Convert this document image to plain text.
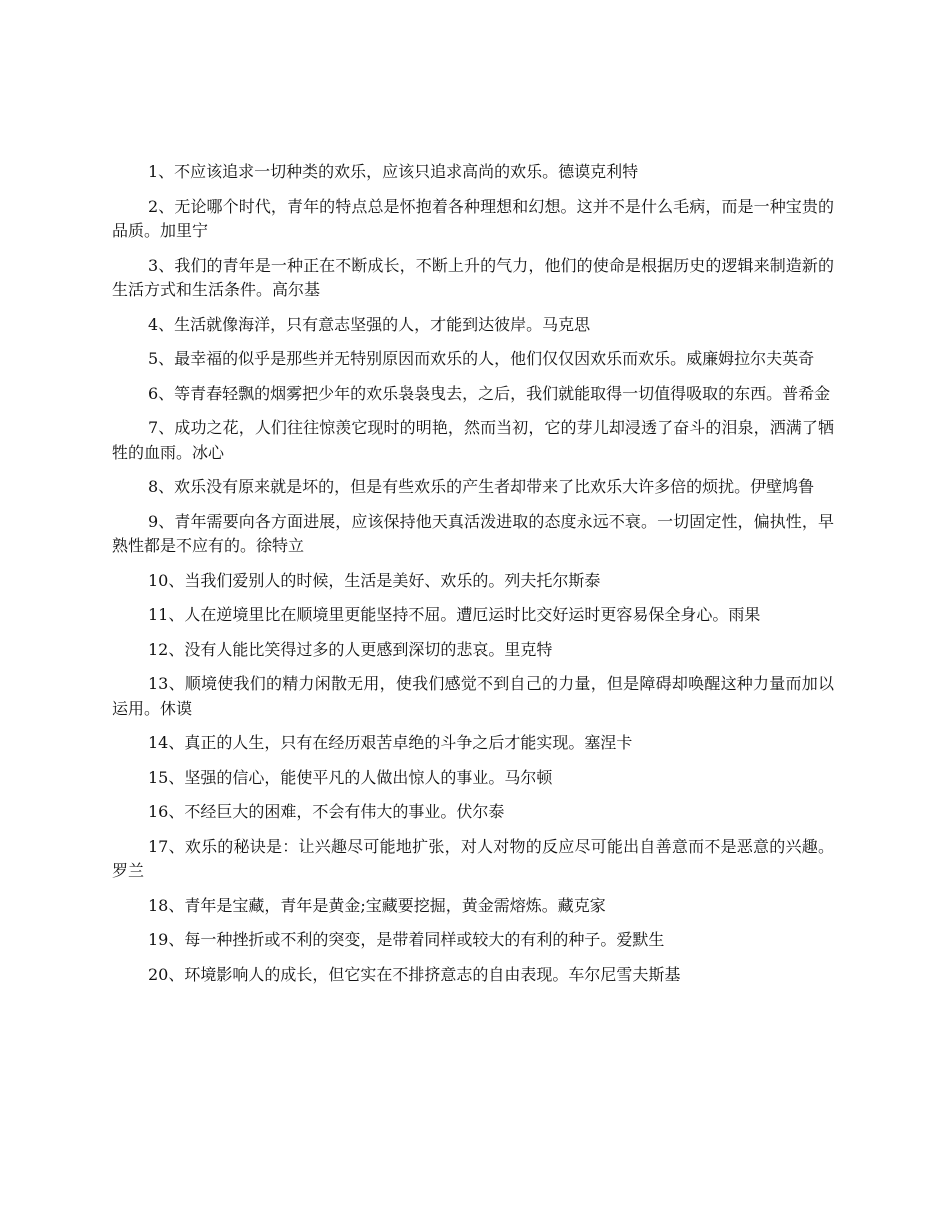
1、不应该追求一切种类的欢乐，应该只追求高尚的欢乐。德谟克利特

2、无论哪个时代，青年的特点总是怀抱着各种理想和幻想。这并不是什么毛病，而是一种宝贵的品质。加里宁

3、我们的青年是一种正在不断成长，不断上升的气力，他们的使命是根据历史的逻辑来制造新的生活方式和生活条件。高尔基

4、生活就像海洋，只有意志坚强的人，才能到达彼岸。马克思

5、最幸福的似乎是那些并无特别原因而欢乐的人，他们仅仅因欢乐而欢乐。威廉姆拉尔夫英奇

6、等青春轻飘的烟雾把少年的欢乐袅袅曳去，之后，我们就能取得一切值得吸取的东西。普希金

7、成功之花，人们往往惊羡它现时的明艳，然而当初，它的芽儿却浸透了奋斗的泪泉，洒满了牺牲的血雨。冰心

8、欢乐没有原来就是坏的，但是有些欢乐的产生者却带来了比欢乐大许多倍的烦扰。伊壁鸠鲁

9、青年需要向各方面进展，应该保持他天真活泼进取的态度永远不衰。一切固定性，偏执性，早熟性都是不应有的。徐特立

10、当我们爱别人的时候，生活是美好、欢乐的。列夫托尔斯泰

11、人在逆境里比在顺境里更能坚持不屈。遭厄运时比交好运时更容易保全身心。雨果

12、没有人能比笑得过多的人更感到深切的悲哀。里克特

13、顺境使我们的精力闲散无用，使我们感觉不到自己的力量，但是障碍却唤醒这种力量而加以运用。休谟

14、真正的人生，只有在经历艰苦卓绝的斗争之后才能实现。塞涅卡

15、坚强的信心，能使平凡的人做出惊人的事业。马尔顿

16、不经巨大的困难，不会有伟大的事业。伏尔泰

17、欢乐的秘诀是：让兴趣尽可能地扩张，对人对物的反应尽可能出自善意而不是恶意的兴趣。罗兰

18、青年是宝藏，青年是黄金;宝藏要挖掘，黄金需熔炼。藏克家

19、每一种挫折或不利的突变，是带着同样或较大的有利的种子。爱默生

20、环境影响人的成长，但它实在不排挤意志的自由表现。车尔尼雪夫斯基
